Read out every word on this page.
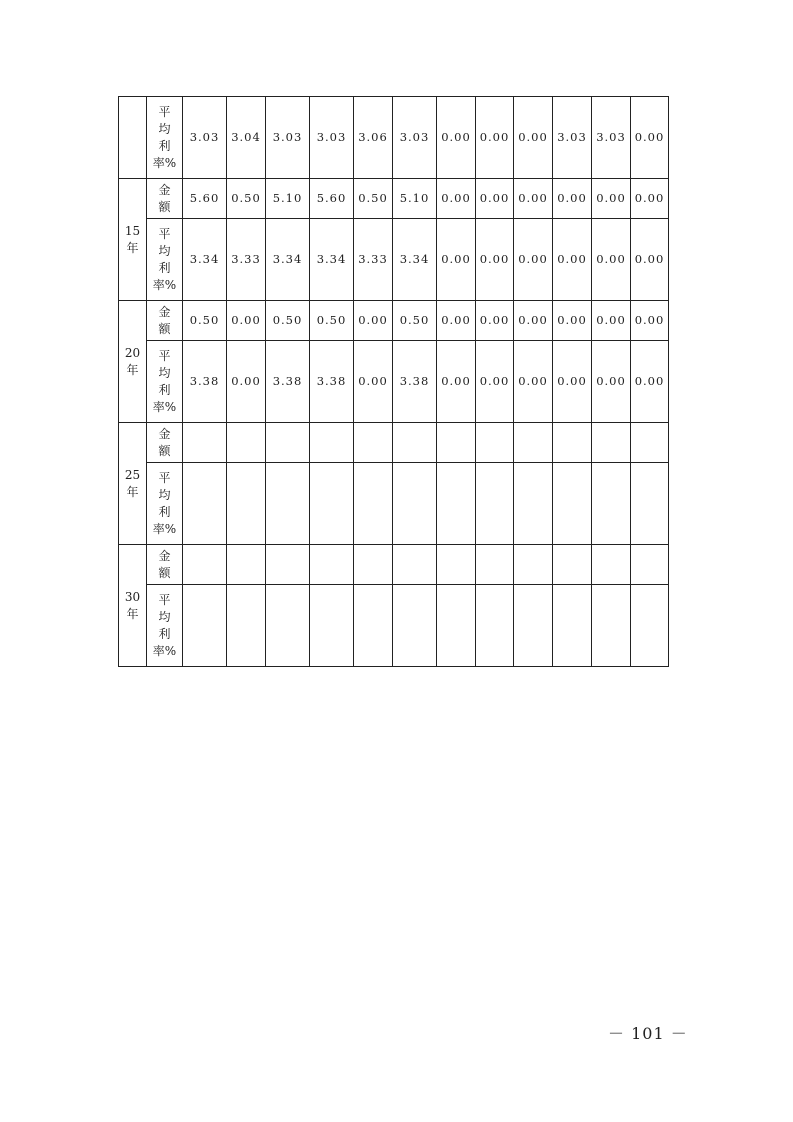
	平
均
利
率%	3.03	3.04	3.03	3.03	3.06	3.03	0.00	0.00	0.00	3.03	3.03	0.00

15
年	金
额	5.60	0.50	5.10	5.60	0.50	5.10	0.00	0.00	0.00	0.00	0.00	0.00

	平
均
利
率%	3.34	3.33	3.34	3.34	3.33	3.34	0.00	0.00	0.00	0.00	0.00	0.00

20
年	金
额	0.50	0.00	0.50	0.50	0.00	0.50	0.00	0.00	0.00	0.00	0.00	0.00

	平
均
利
率%	3.38	0.00	3.38	3.38	0.00	3.38	0.00	0.00	0.00	0.00	0.00	0.00

25
年	金
额												

	平
均
利
率%												

30
年	金
额												

	平
均
利
率%												

－ 101 －
